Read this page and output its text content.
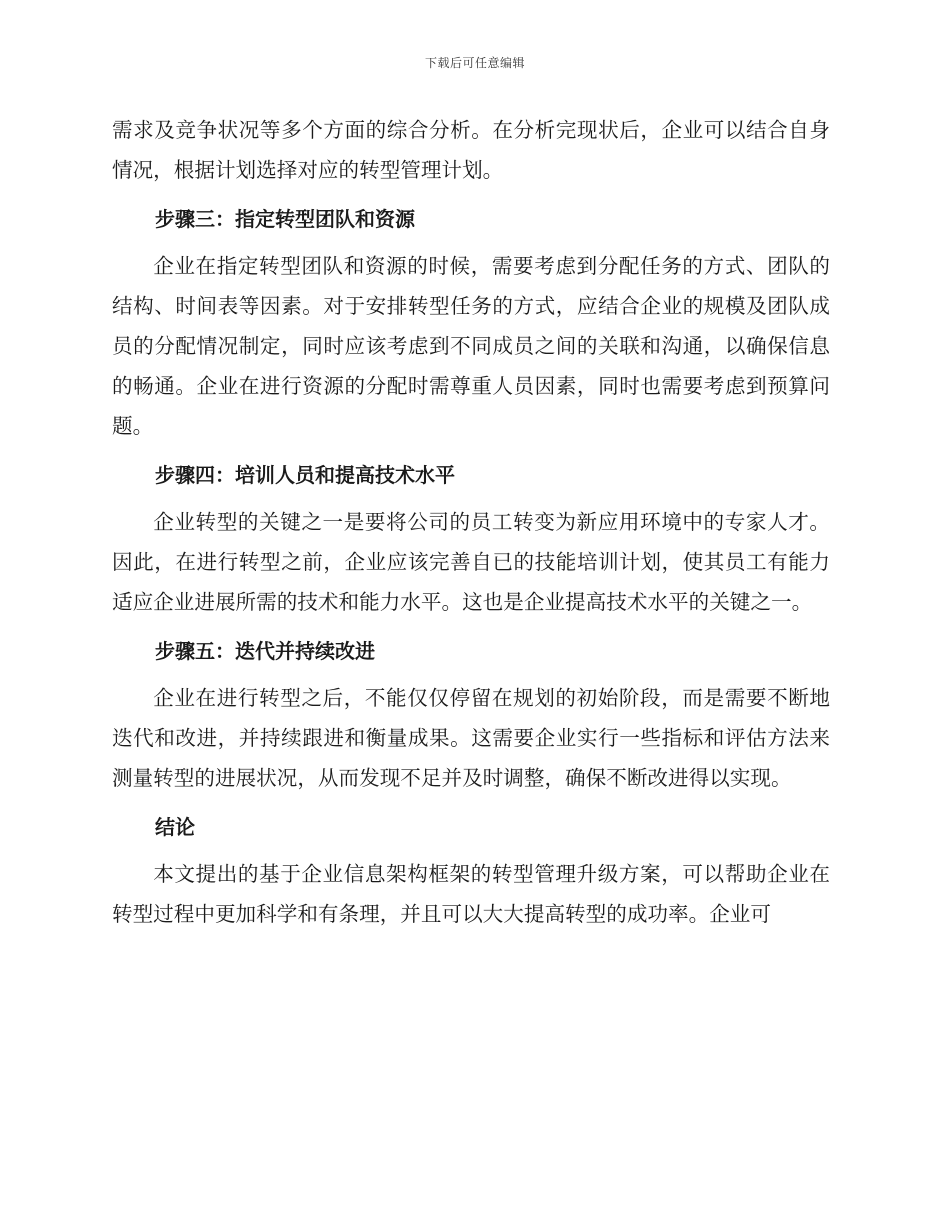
下载后可任意编辑

需求及竞争状况等多个方面的综合分析。在分析完现状后，企业可以结合自身情况，根据计划选择对应的转型管理计划。

步骤三：指定转型团队和资源

企业在指定转型团队和资源的时候，需要考虑到分配任务的方式、团队的结构、时间表等因素。对于安排转型任务的方式，应结合企业的规模及团队成员的分配情况制定，同时应该考虑到不同成员之间的关联和沟通，以确保信息的畅通。企业在进行资源的分配时需尊重人员因素，同时也需要考虑到预算问题。

步骤四：培训人员和提高技术水平

企业转型的关键之一是要将公司的员工转变为新应用环境中的专家人才。因此，在进行转型之前，企业应该完善自已的技能培训计划，使其员工有能力适应企业进展所需的技术和能力水平。这也是企业提高技术水平的关键之一。

步骤五：迭代并持续改进

企业在进行转型之后，不能仅仅停留在规划的初始阶段，而是需要不断地迭代和改进，并持续跟进和衡量成果。这需要企业实行一些指标和评估方法来测量转型的进展状况，从而发现不足并及时调整，确保不断改进得以实现。

结论

本文提出的基于企业信息架构框架的转型管理升级方案，可以帮助企业在转型过程中更加科学和有条理，并且可以大大提高转型的成功率。企业可
